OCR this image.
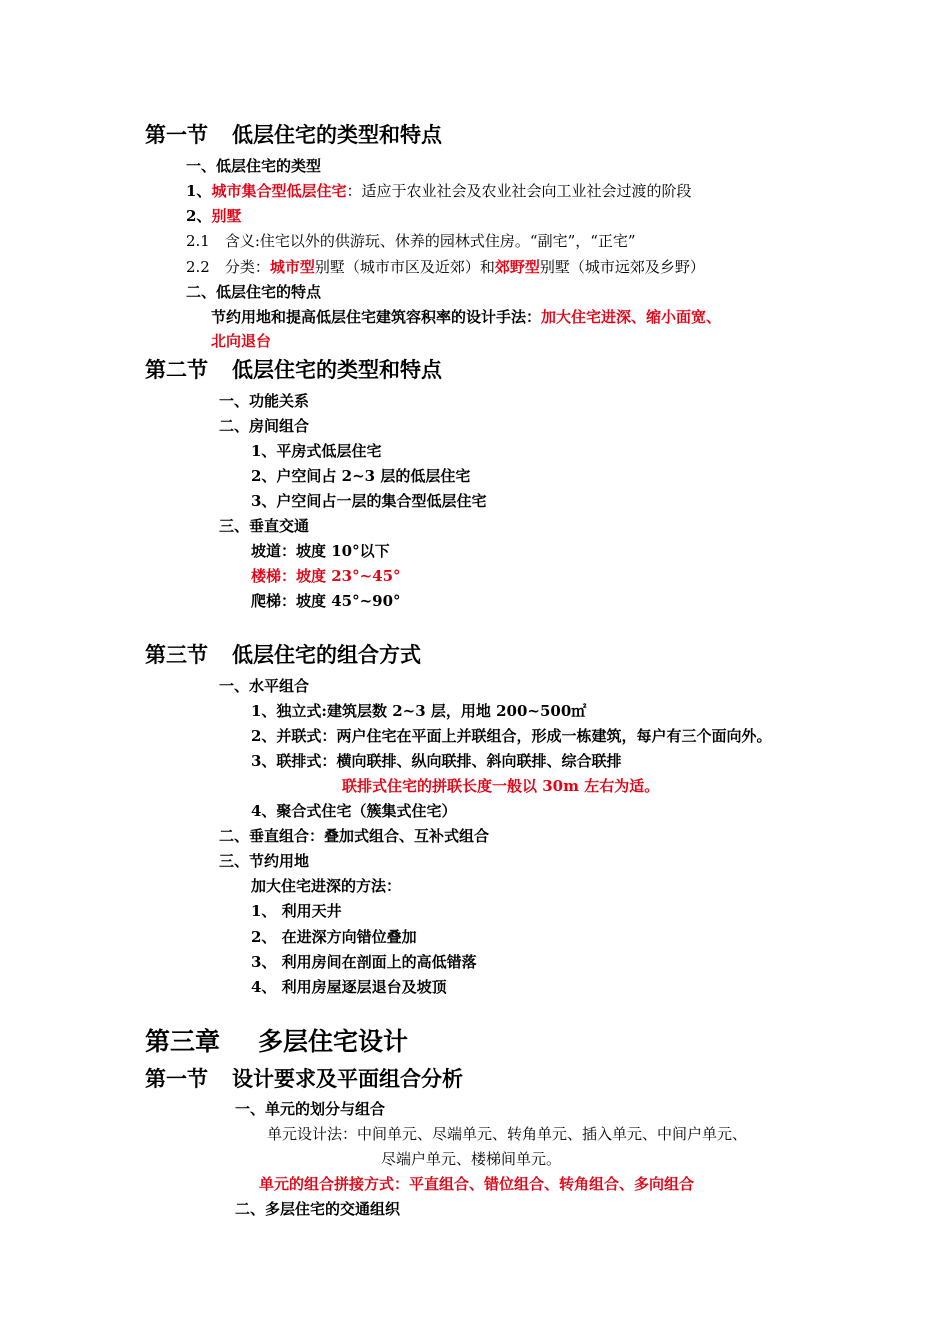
第一节 低层住宅的类型和特点
一、低层住宅的类型
1、城市集合型低层住宅：适应于农业社会及农业社会向工业社会过渡的阶段
2、别墅
2.1　含义:住宅以外的供游玩、休养的园林式住房。“副宅”，“正宅”
2.2　分类：城市型别墅（城市市区及近郊）和郊野型别墅（城市远郊及乡野）
二、低层住宅的特点
节约用地和提高低层住宅建筑容积率的设计手法：加大住宅进深、缩小面宽、
北向退台
第二节 低层住宅的类型和特点
一、功能关系
二、房间组合
1、平房式低层住宅
2、户空间占 2~3 层的低层住宅
3、户空间占一层的集合型低层住宅
三、垂直交通
坡道：坡度 10°以下
楼梯：坡度 23°~45°
爬梯：坡度 45°~90°
第三节 低层住宅的组合方式
一、水平组合
1、独立式:建筑层数 2~3 层，用地 200~500㎡
2、并联式：两户住宅在平面上并联组合，形成一栋建筑，每户有三个面向外。
3、联排式：横向联排、纵向联排、斜向联排、综合联排
联排式住宅的拼联长度一般以 30m 左右为适。
4、聚合式住宅（簇集式住宅）
二、垂直组合：叠加式组合、互补式组合
三、节约用地
加大住宅进深的方法：
1、 利用天井
2、 在进深方向错位叠加
3、 利用房间在剖面上的高低错落
4、 利用房屋逐层退台及坡顶
第三章 多层住宅设计
第一节 设计要求及平面组合分析
一、单元的划分与组合
单元设计法：中间单元、尽端单元、转角单元、插入单元、中间户单元、
尽端户单元、楼梯间单元。
单元的组合拼接方式：平直组合、错位组合、转角组合、多向组合
二、多层住宅的交通组织
